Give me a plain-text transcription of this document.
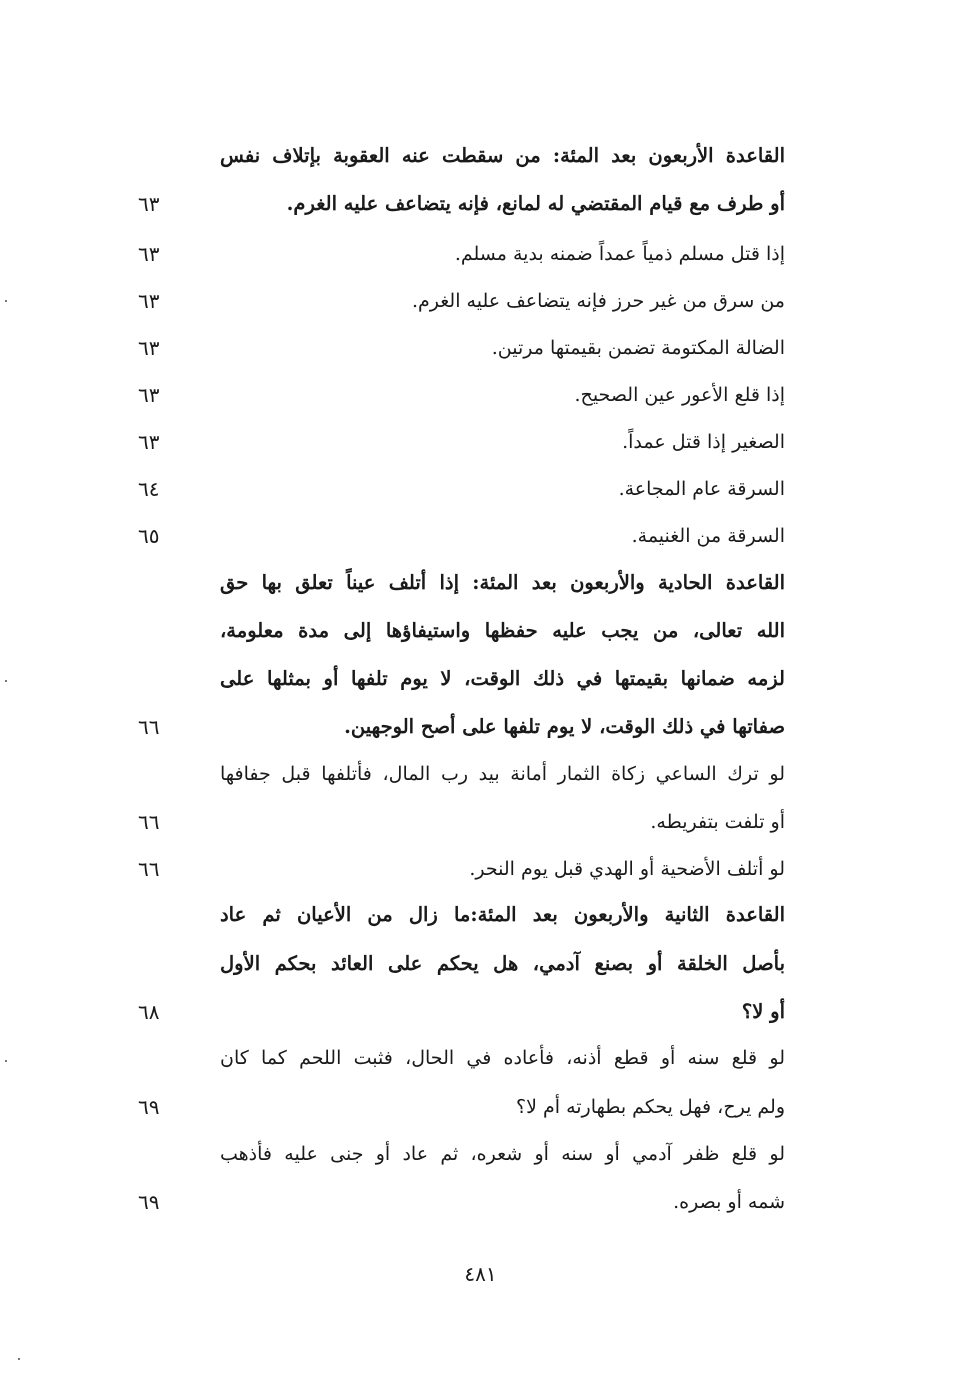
القاعدة الأربعون بعد المئة: من سقطت عنه العقوبة بإتلاف نفس
أو طرف مع قيام المقتضي له لمانع، فإنه يتضاعف عليه الغرم.
٦٣
إذا قتل مسلم ذمياً عمداً ضمنه بدية مسلم.
٦٣
من سرق من غير حرز فإنه يتضاعف عليه الغرم.
٦٣
الضالة المكتومة تضمن بقيمتها مرتين.
٦٣
إذا قلع الأعور عين الصحيح.
٦٣
الصغير إذا قتل عمداً.
٦٣
السرقة عام المجاعة.
٦٤
السرقة من الغنيمة.
٦٥
القاعدة الحادية والأربعون بعد المئة: إذا أتلف عيناً تعلق بها حق
الله تعالى، من يجب عليه حفظها واستيفاؤها إلى مدة معلومة،
لزمه ضمانها بقيمتها في ذلك الوقت، لا يوم تلفها أو بمثلها على
صفاتها في ذلك الوقت، لا يوم تلفها على أصح الوجهين.
٦٦
لو ترك الساعي زكاة الثمار أمانة بيد رب المال، فأتلفها قبل جفافها
أو تلفت بتفريطه.
٦٦
لو أتلف الأضحية أو الهدي قبل يوم النحر.
٦٦
القاعدة الثانية والأربعون بعد المئة:ما زال من الأعيان ثم عاد
بأصل الخلقة أو بصنع آدمي، هل يحكم على العائد بحكم الأول
أو لا؟
٦٨
لو قلع سنه أو قطع أذنه، فأعاده في الحال، فثبت اللحم كما كان
ولم يرح، فهل يحكم بطهارته أم لا؟
٦٩
لو قلع ظفر آدمي أو سنه أو شعره، ثم عاد أو جنى عليه فأذهب
شمه أو بصره.
٦٩
٤٨١
